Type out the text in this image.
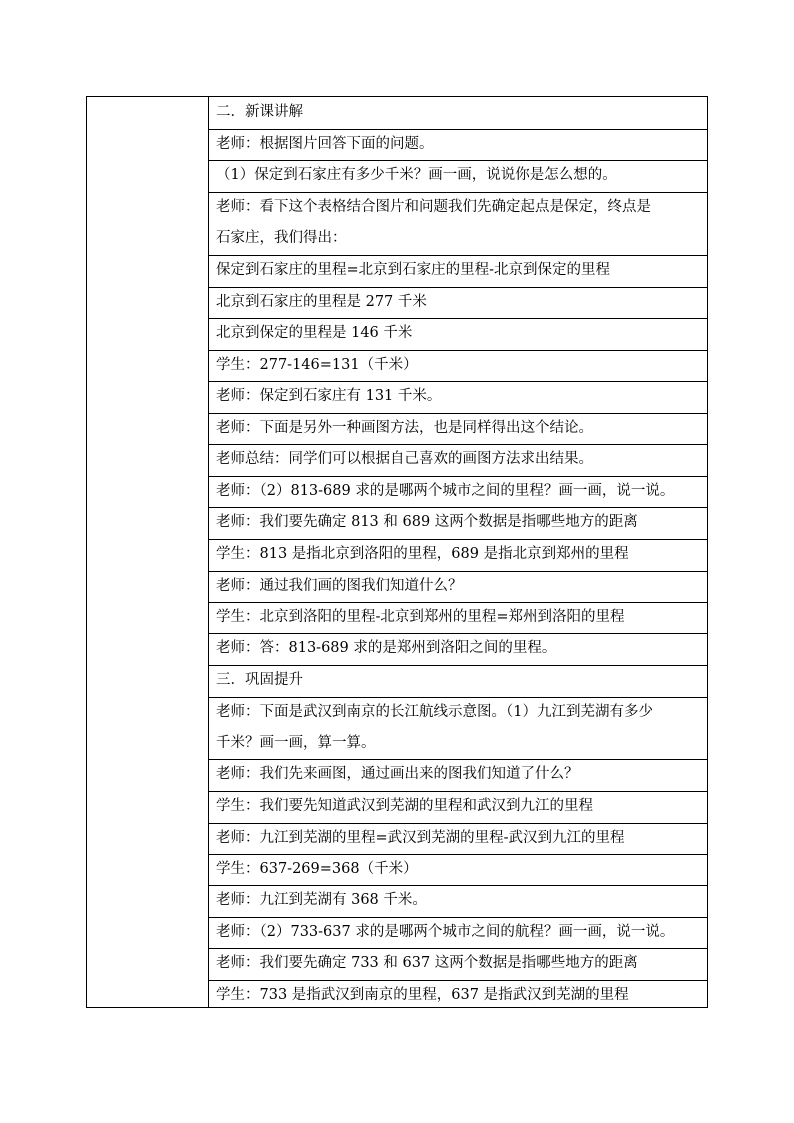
二．新课讲解
老师：根据图片回答下面的问题。
（1）保定到石家庄有多少千米？画一画，说说你是怎么想的。
老师：看下这个表格结合图片和问题我们先确定起点是保定，终点是
石家庄，我们得出：
保定到石家庄的里程=北京到石家庄的里程-北京到保定的里程
北京到石家庄的里程是 277 千米
北京到保定的里程是 146 千米
学生：277-146=131（千米）
老师：保定到石家庄有 131 千米。
老师：下面是另外一种画图方法，也是同样得出这个结论。
老师总结：同学们可以根据自己喜欢的画图方法求出结果。
老师：（2）813-689 求的是哪两个城市之间的里程？画一画，说一说。
老师：我们要先确定 813 和 689 这两个数据是指哪些地方的距离
学生：813 是指北京到洛阳的里程，689 是指北京到郑州的里程
老师：通过我们画的图我们知道什么？
学生：北京到洛阳的里程-北京到郑州的里程=郑州到洛阳的里程
老师：答：813-689 求的是郑州到洛阳之间的里程。
三．巩固提升
老师：下面是武汉到南京的长江航线示意图。（1）九江到芜湖有多少
千米？画一画，算一算。
老师：我们先来画图，通过画出来的图我们知道了什么？
学生：我们要先知道武汉到芜湖的里程和武汉到九江的里程
老师：九江到芜湖的里程=武汉到芜湖的里程-武汉到九江的里程
学生：637-269=368（千米）
老师：九江到芜湖有 368 千米。
老师：（2）733-637 求的是哪两个城市之间的航程？画一画，说一说。
老师：我们要先确定 733 和 637 这两个数据是指哪些地方的距离
学生：733 是指武汉到南京的里程，637 是指武汉到芜湖的里程
